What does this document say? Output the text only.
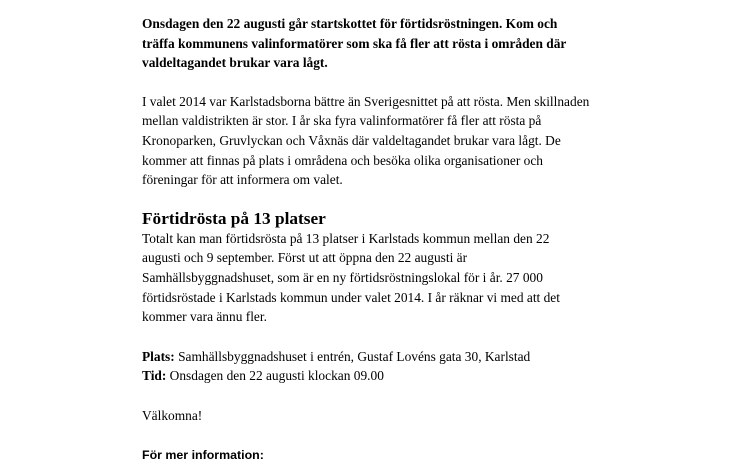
Onsdagen den 22 augusti går startskottet för förtidsröstningen. Kom och
träffa kommunens valinformatörer som ska få fler att rösta i områden där
valdeltagandet brukar vara lågt.

I valet 2014 var Karlstadsborna bättre än Sverigesnittet på att rösta. Men skillnaden
mellan valdistrikten är stor. I år ska fyra valinformatörer få fler att rösta på
Kronoparken, Gruvlyckan och Våxnäs där valdeltagandet brukar vara lågt. De
kommer att finnas på plats i områdena och besöka olika organisationer och
föreningar för att informera om valet.

Förtidrösta på 13 platser

Totalt kan man förtidsrösta på 13 platser i Karlstads kommun mellan den 22
augusti och 9 september. Först ut att öppna den 22 augusti är
Samhällsbyggnadshuset, som är en ny förtidsröstningslokal för i år. 27 000
förtidsröstade i Karlstads kommun under valet 2014. I år räknar vi med att det
kommer vara ännu fler.

Plats: Samhällsbyggnadshuset i entrén, Gustaf Lovéns gata 30, Karlstad
Tid: Onsdagen den 22 augusti klockan 09.00

Välkomna!

För mer information:
